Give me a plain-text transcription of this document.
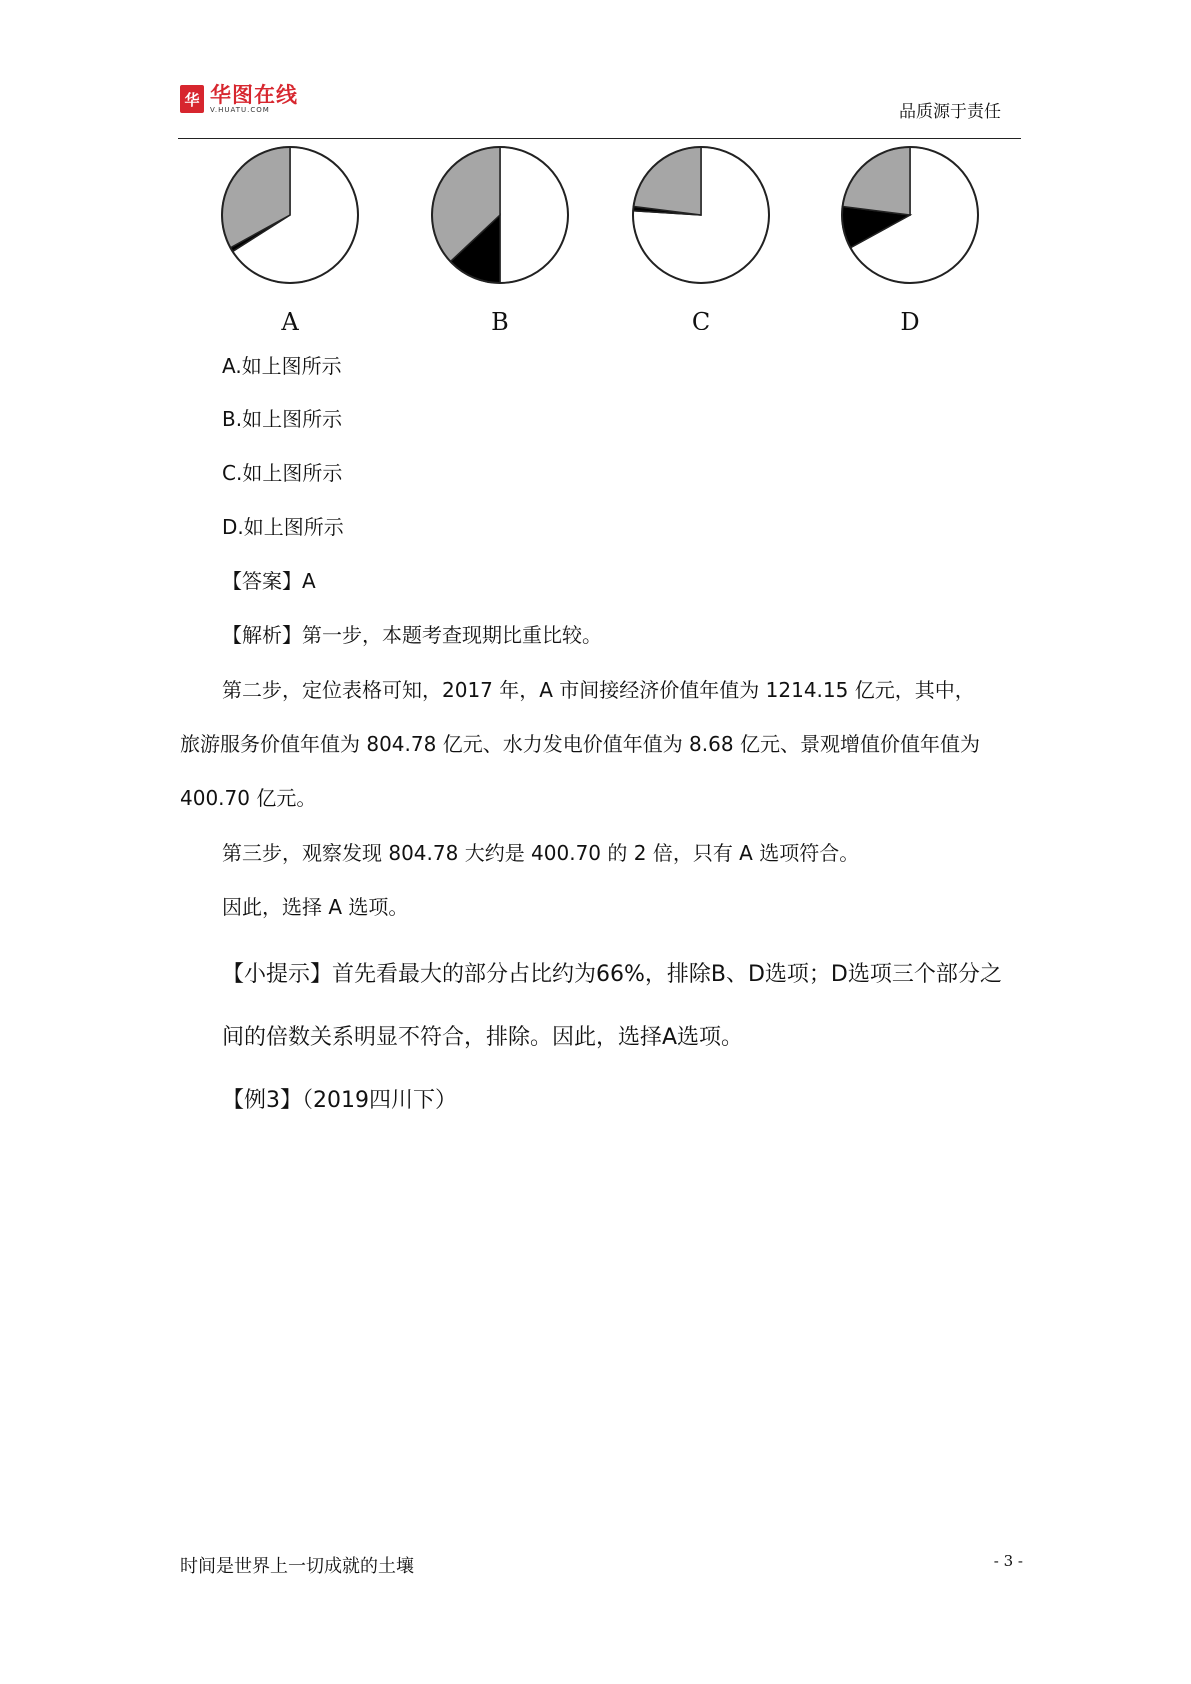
华 华图在线
V.HUATU.COM	品质源于责任
A	B	C	D
A.如上图所示
B.如上图所示
C.如上图所示
D.如上图所示
【答案】A
【解析】第一步，本题考查现期比重比较。
第二步，定位表格可知，2017 年，A 市间接经济价值年值为 1214.15 亿元，其中，
旅游服务价值年值为 804.78 亿元、水力发电价值年值为 8.68 亿元、景观增值价值年值为
400.70 亿元。
第三步，观察发现 804.78 大约是 400.70 的 2 倍，只有 A 选项符合。
因此，选择 A 选项。
【小提示】首先看最大的部分占比约为66%，排除B、D选项；D选项三个部分之
间的倍数关系明显不符合，排除。因此，选择A选项。
【例3】（2019四川下）
时间是世界上一切成就的土壤	- 3 -
